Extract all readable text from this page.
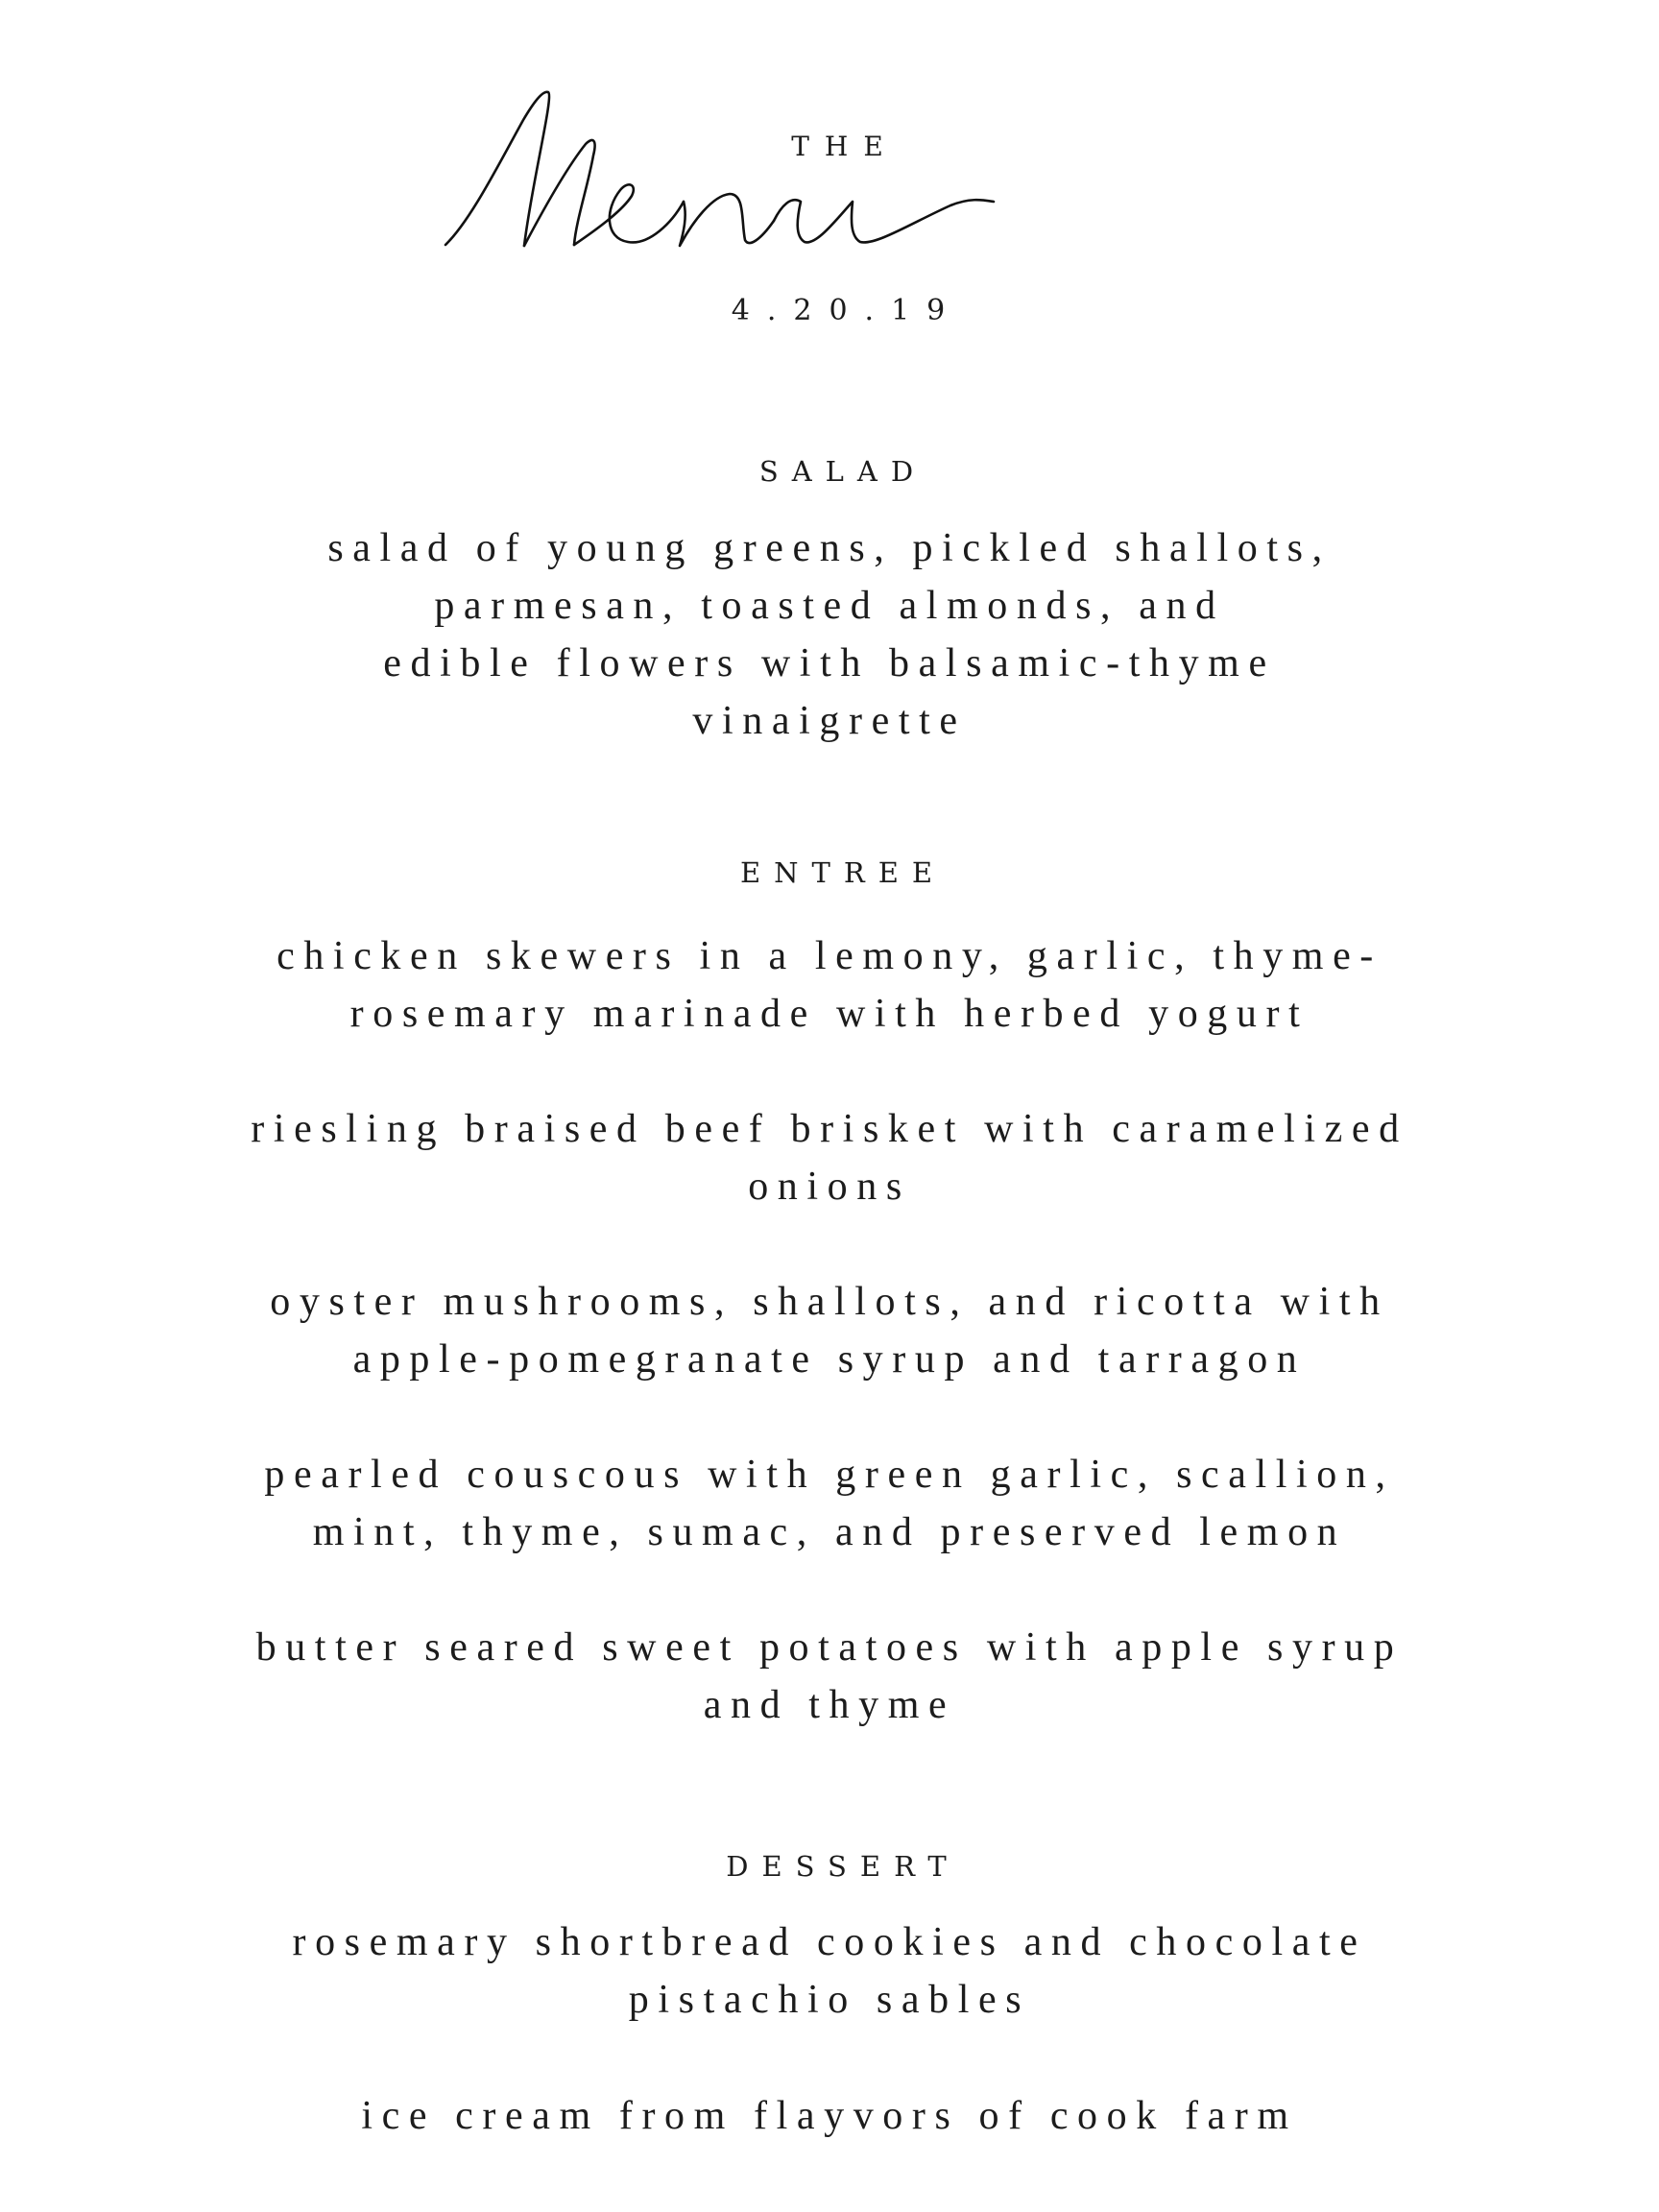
THE
4.20.19
SALAD
salad of young greens, pickled shallots,
parmesan, toasted almonds, and
edible flowers with balsamic-thyme
vinaigrette
ENTREE
chicken skewers in a lemony, garlic, thyme-
rosemary marinade with herbed yogurt
riesling braised beef brisket with caramelized
onions
oyster mushrooms, shallots, and ricotta with
apple-pomegranate syrup and tarragon
pearled couscous with green garlic, scallion,
mint, thyme, sumac, and preserved lemon
butter seared sweet potatoes with apple syrup
and thyme
DESSERT
rosemary shortbread cookies and chocolate
pistachio sables
ice cream from flayvors of cook farm
